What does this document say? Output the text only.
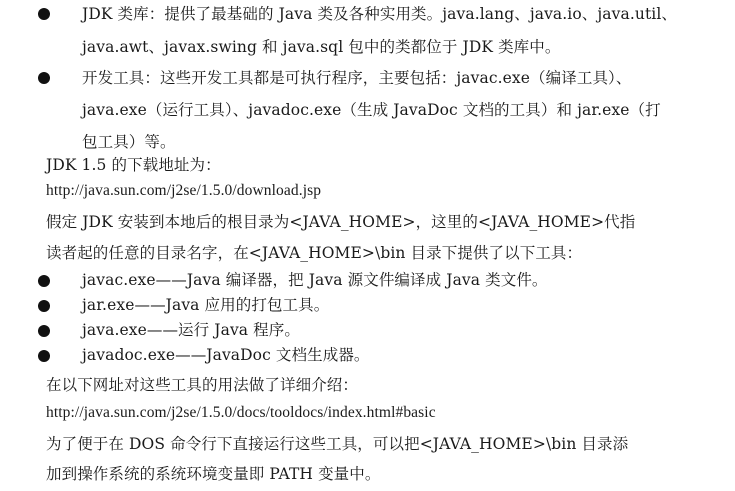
JDK 类库：提供了最基础的 Java 类及各种实用类。java.lang、java.io、java.util、
java.awt、javax.swing 和 java.sql 包中的类都位于 JDK 类库中。
开发工具：这些开发工具都是可执行程序，主要包括：javac.exe（编译工具）、
java.exe（运行工具）、javadoc.exe（生成 JavaDoc 文档的工具）和 jar.exe（打
包工具）等。
JDK 1.5 的下载地址为：
http://java.sun.com/j2se/1.5.0/download.jsp
假定 JDK 安装到本地后的根目录为<JAVA_HOME>，这里的<JAVA_HOME>代指
读者起的任意的目录名字，在<JAVA_HOME>\bin 目录下提供了以下工具：
javac.exe——Java 编译器，把 Java 源文件编译成 Java 类文件。
jar.exe——Java 应用的打包工具。
java.exe——运行 Java 程序。
javadoc.exe——JavaDoc 文档生成器。
在以下网址对这些工具的用法做了详细介绍：
http://java.sun.com/j2se/1.5.0/docs/tooldocs/index.html#basic
为了便于在 DOS 命令行下直接运行这些工具，可以把<JAVA_HOME>\bin 目录添
加到操作系统的系统环境变量即 PATH 变量中。
